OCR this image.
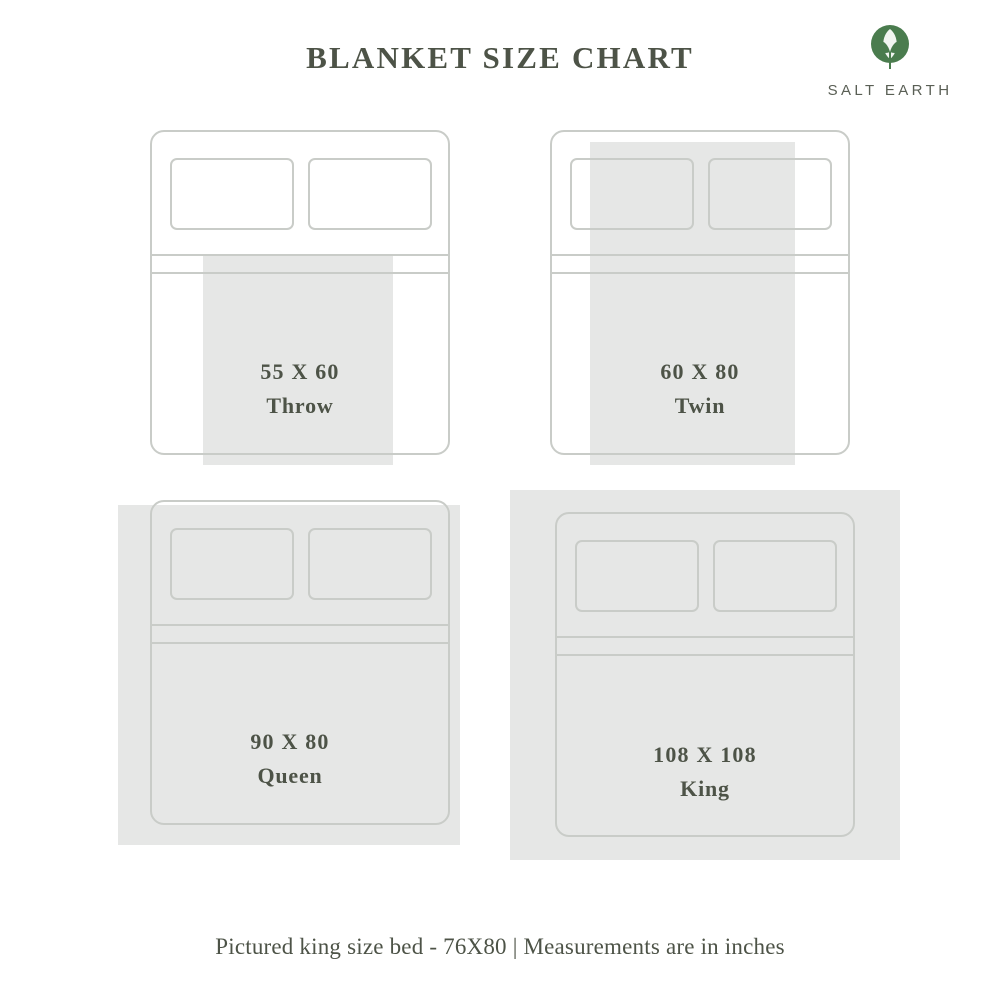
BLANKET SIZE CHART
SALT EARTH
55 X 60
Throw
60 X 80
Twin
90 X 80
Queen
108 X 108
King
Pictured king size bed - 76X80 | Measurements are in inches
